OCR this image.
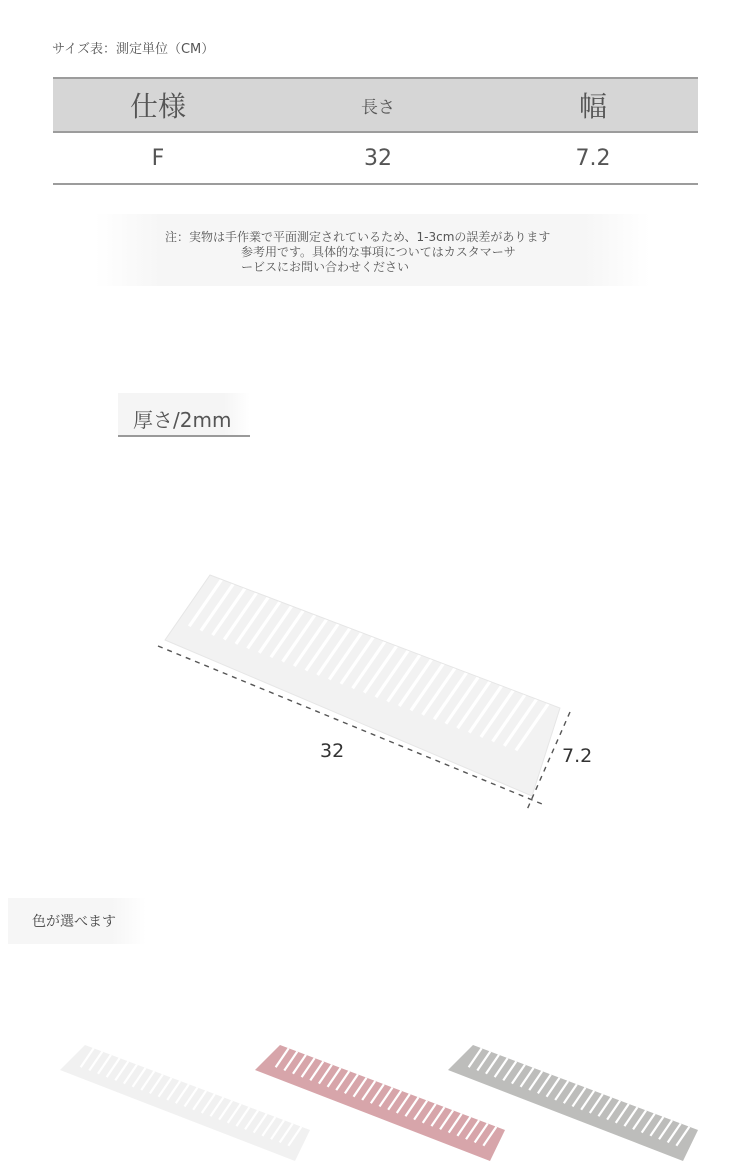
サイズ表：測定単位（CM）
仕様	長さ	幅
F	32	7.2
注：実物は手作業で平面測定されているため、1-3cmの誤差があります
参考用です。具体的な事項についてはカスタマーサ
ービスにお問い合わせください
厚さ/2mm
32	7.2
色が選べます
